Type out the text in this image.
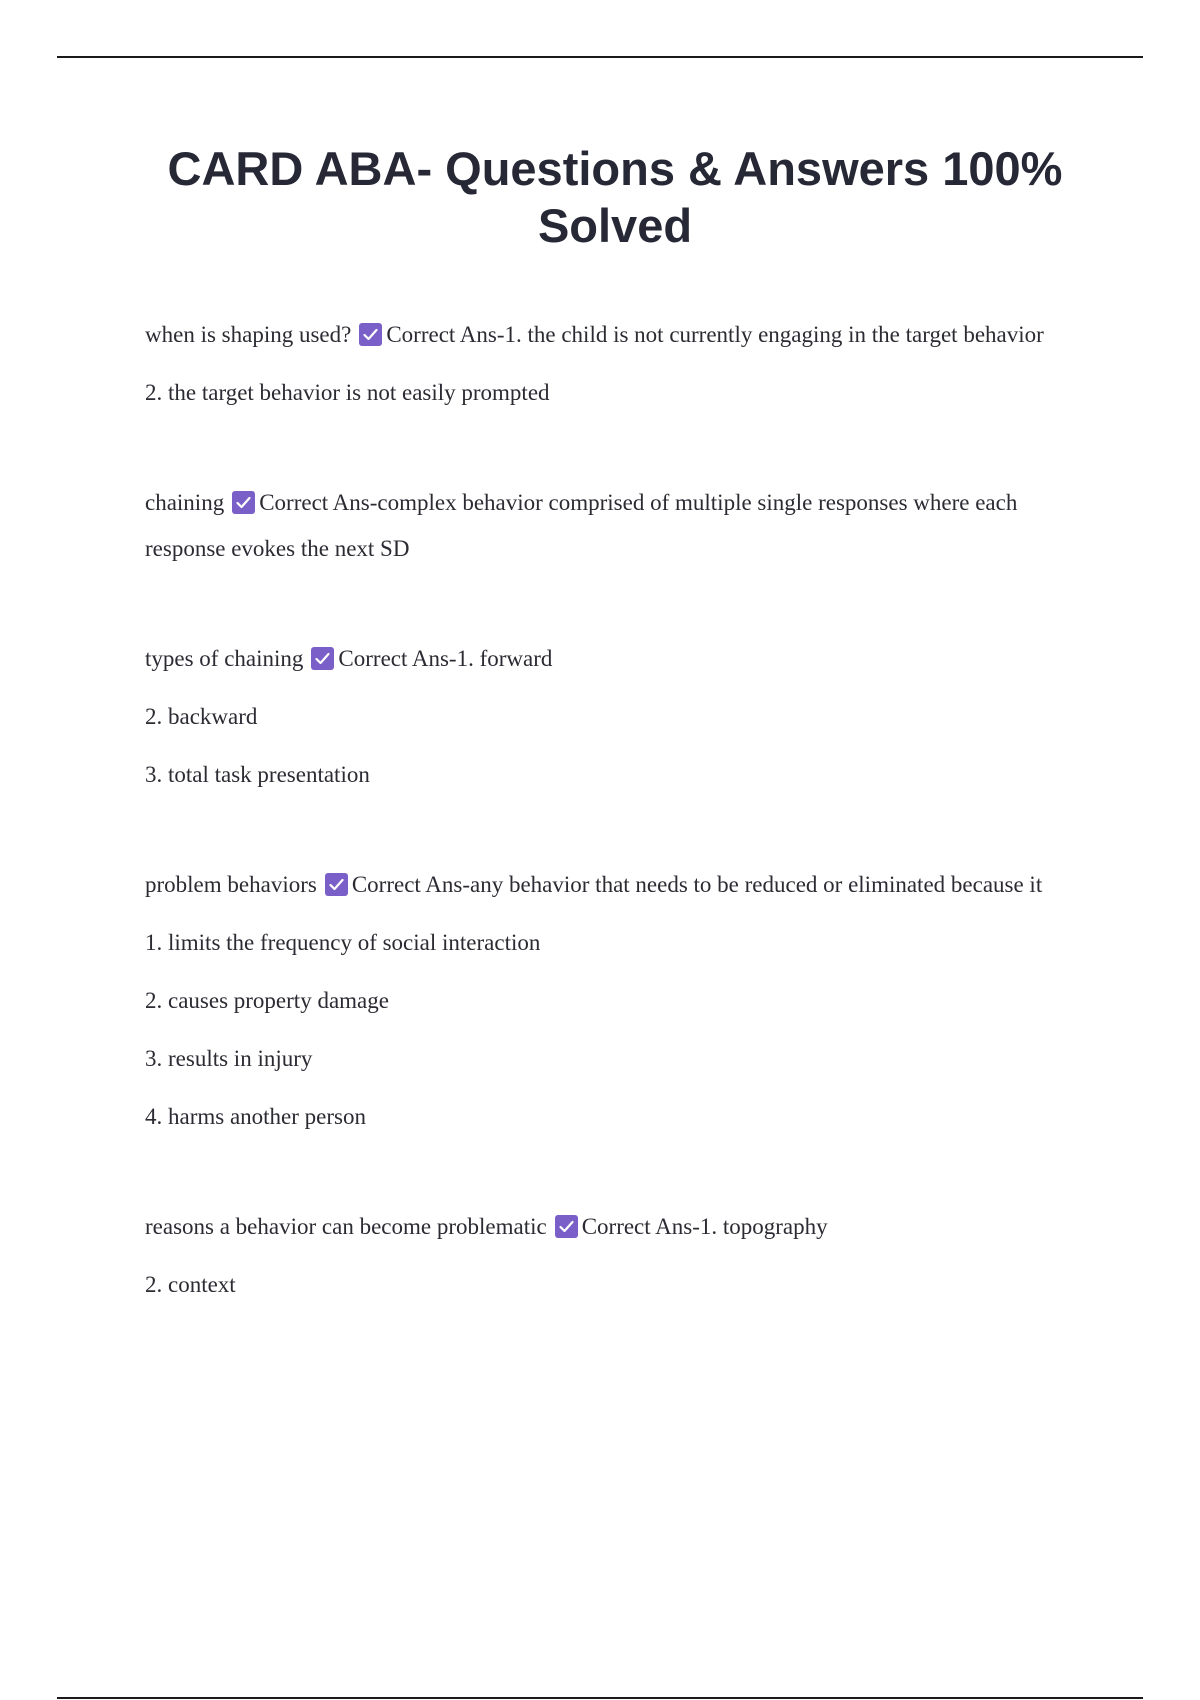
CARD ABA- Questions & Answers 100% Solved

when is shaping used? Correct Ans-1. the child is not currently engaging in the target behavior

2. the target behavior is not easily prompted

chaining Correct Ans-complex behavior comprised of multiple single responses where each response evokes the next SD

types of chaining Correct Ans-1. forward

2. backward

3. total task presentation

problem behaviors Correct Ans-any behavior that needs to be reduced or eliminated because it

1. limits the frequency of social interaction

2. causes property damage

3. results in injury

4. harms another person

reasons a behavior can become problematic Correct Ans-1. topography

2. context
